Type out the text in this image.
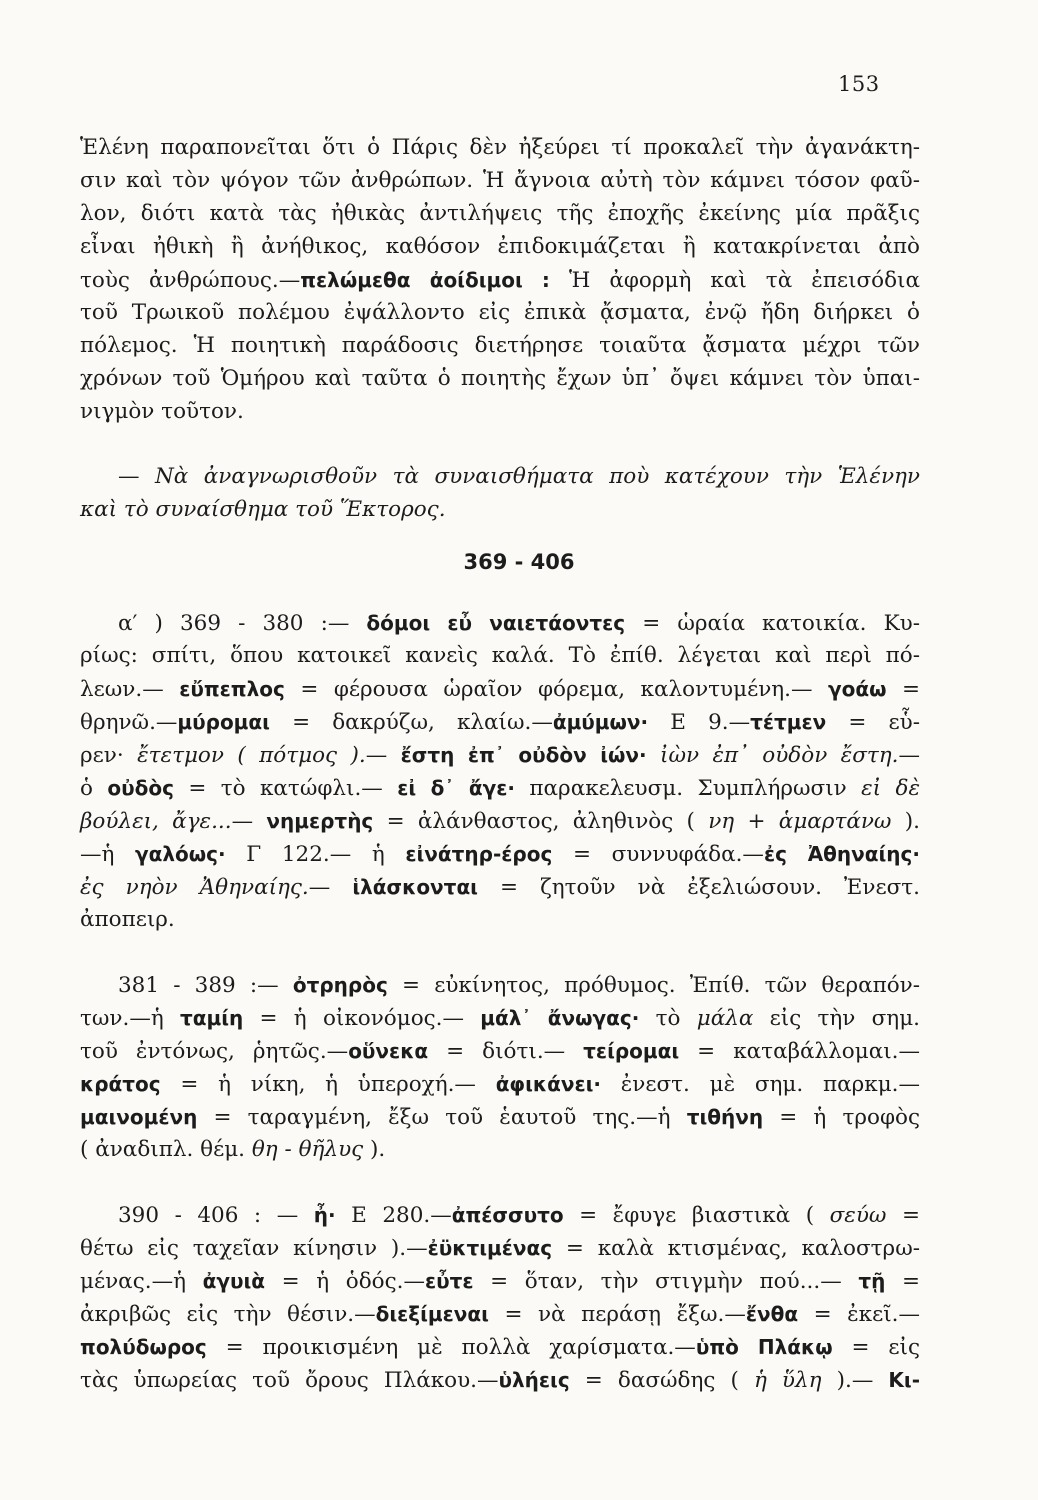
153
369 - 406
Ἑλένη παραπονεῖται ὅτι ὁ Πάρις δὲν ἠξεύρει τί προκαλεῖ τὴν ἀγανάκτη-
σιν καὶ τὸν ψόγον τῶν ἀνθρώπων. Ἡ ἄγνοια αὐτὴ τὸν κάμνει τόσον φαῦ-
λον, διότι κατὰ τὰς ἠθικὰς ἀντιλήψεις τῆς ἐποχῆς ἐκείνης μία πρᾶξις
εἶναι ἠθικὴ ἢ ἀνήθικος, καθόσον ἐπιδοκιμάζεται ἢ κατακρίνεται ἀπὸ
τοὺς ἀνθρώπους.—πελώμεθα ἀοίδιμοι : Ἡ ἀφορμὴ καὶ τὰ ἐπεισόδια
τοῦ Τρωικοῦ πολέμου ἐψάλλοντο εἰς ἐπικὰ ᾄσματα, ἐνῷ ἤδη διήρκει ὁ
πόλεμος. Ἡ ποιητικὴ παράδοσις διετήρησε τοιαῦτα ᾄσματα μέχρι τῶν
χρόνων τοῦ Ὁμήρου καὶ ταῦτα ὁ ποιητὴς ἔχων ὑπ᾽ ὄψει κάμνει τὸν ὑπαι-
νιγμὸν τοῦτον.
— Νὰ ἀναγνωρισθοῦν τὰ συναισθήματα ποὺ κατέχουν τὴν Ἑλένην
καὶ τὸ συναίσθημα τοῦ Ἕκτορος.
α′ ) 369 - 380 :— δόμοι εὖ ναιετάοντες = ὡραία κατοικία. Κυ-
ρίως: σπίτι, ὅπου κατοικεῖ κανεὶς καλά. Τὸ ἐπίθ. λέγεται καὶ περὶ πό-
λεων.— εὔπεπλος = φέρουσα ὡραῖον φόρεμα, καλοντυμένη.— γοάω =
θρηνῶ.—μύρομαι = δακρύζω, κλαίω.—ἀμύμων· Ε 9.—τέτμεν = εὗ-
ρεν· ἔτετμον ( πότμος ).— ἔστη ἐπ᾽ οὐδὸν ἰών· ἰὼν ἐπ᾽ οὐδὸν ἔστη.—
ὁ οὐδὸς = τὸ κατώφλι.— εἰ δ᾽ ἄγε· παρακελευσμ. Συμπλήρωσιν εἰ δὲ
βούλει, ἄγε...— νημερτὴς = ἀλάνθαστος, ἀληθινὸς ( νη + ἁμαρτάνω ).
—ἡ γαλόως· Γ 122.— ἡ εἰνάτηρ-έρος = συννυφάδα.—ἐς Ἀθηναίης·
ἐς νηὸν Ἀθηναίης.— ἱλάσκονται = ζητοῦν νὰ ἐξελιώσουν. Ἐνεστ.
ἀποπειρ.
381 - 389 :— ὀτρηρὸς = εὐκίνητος, πρόθυμος. Ἐπίθ. τῶν θεραπόν-
των.—ἡ ταμίη = ἡ οἰκονόμος.— μάλ᾽ ἄνωγας· τὸ μάλα εἰς τὴν σημ.
τοῦ ἐντόνως, ῥητῶς.—οὕνεκα = διότι.— τείρομαι = καταβάλλομαι.—
κράτος = ἡ νίκη, ἡ ὑπεροχή.— ἀφικάνει· ἐνεστ. μὲ σημ. παρκμ.—
μαινομένη = ταραγμένη, ἔξω τοῦ ἑαυτοῦ της.—ἡ τιθήνη = ἡ τροφὸς
( ἀναδιπλ. θέμ. θη - θῆλυς ).
390 - 406 : — ἦ· Ε 280.—ἀπέσσυτο = ἔφυγε βιαστικὰ ( σεύω =
θέτω εἰς ταχεῖαν κίνησιν ).—ἐϋκτιμένας = καλὰ κτισμένας, καλοστρω-
μένας.—ἡ ἀγυιὰ = ἡ ὁδός.—εὖτε = ὅταν, τὴν στιγμὴν πού...— τῇ =
ἀκριβῶς εἰς τὴν θέσιν.—διεξίμεναι = νὰ περάσῃ ἔξω.—ἔνθα = ἐκεῖ.—
πολύδωρος = προικισμένη μὲ πολλὰ χαρίσματα.—ὑπὸ Πλάκῳ = εἰς
τὰς ὑπωρείας τοῦ ὄρους Πλάκου.—ὑλήεις = δασώδης ( ἡ ὕλη ).— Κι-
